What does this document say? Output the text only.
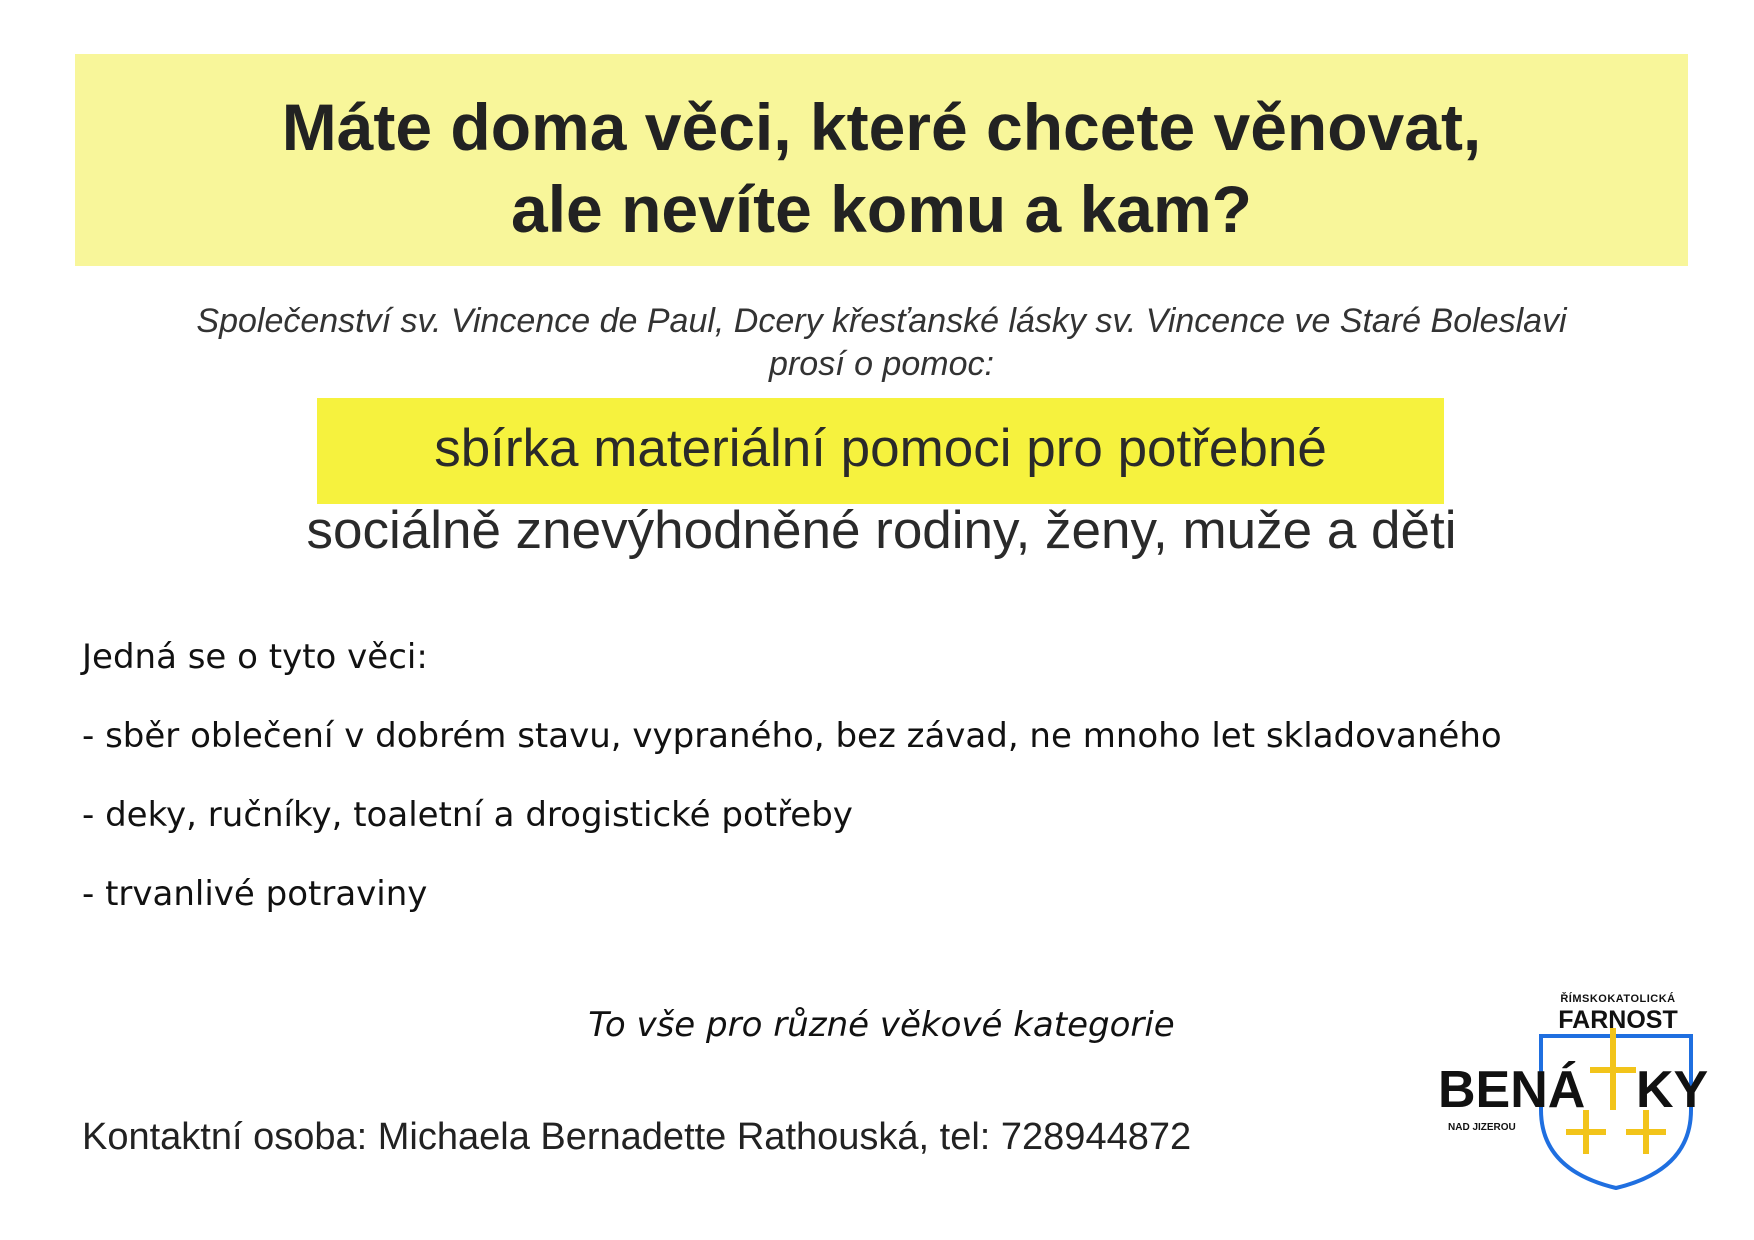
Máte doma věci, které chcete věnovat,
ale nevíte komu a kam?
Společenství sv. Vincence de Paul, Dcery křesťanské lásky sv. Vincence ve Staré Boleslavi
prosí o pomoc:
sbírka materiální pomoci pro potřebné
sociálně znevýhodněné rodiny, ženy, muže a děti
Jedná se o tyto věci:
- sběr oblečení v dobrém stavu, vypraného, bez závad, ne mnoho let skladovaného
- deky, ručníky, toaletní a drogistické potřeby
- trvanlivé potraviny
To vše pro různé věkové kategorie
Kontaktní osoba: Michaela Bernadette Rathouská, tel: 728944872
ŘÍMSKOKATOLICKÁ
FARNOST
BENÁ KY
NAD JIZEROU
